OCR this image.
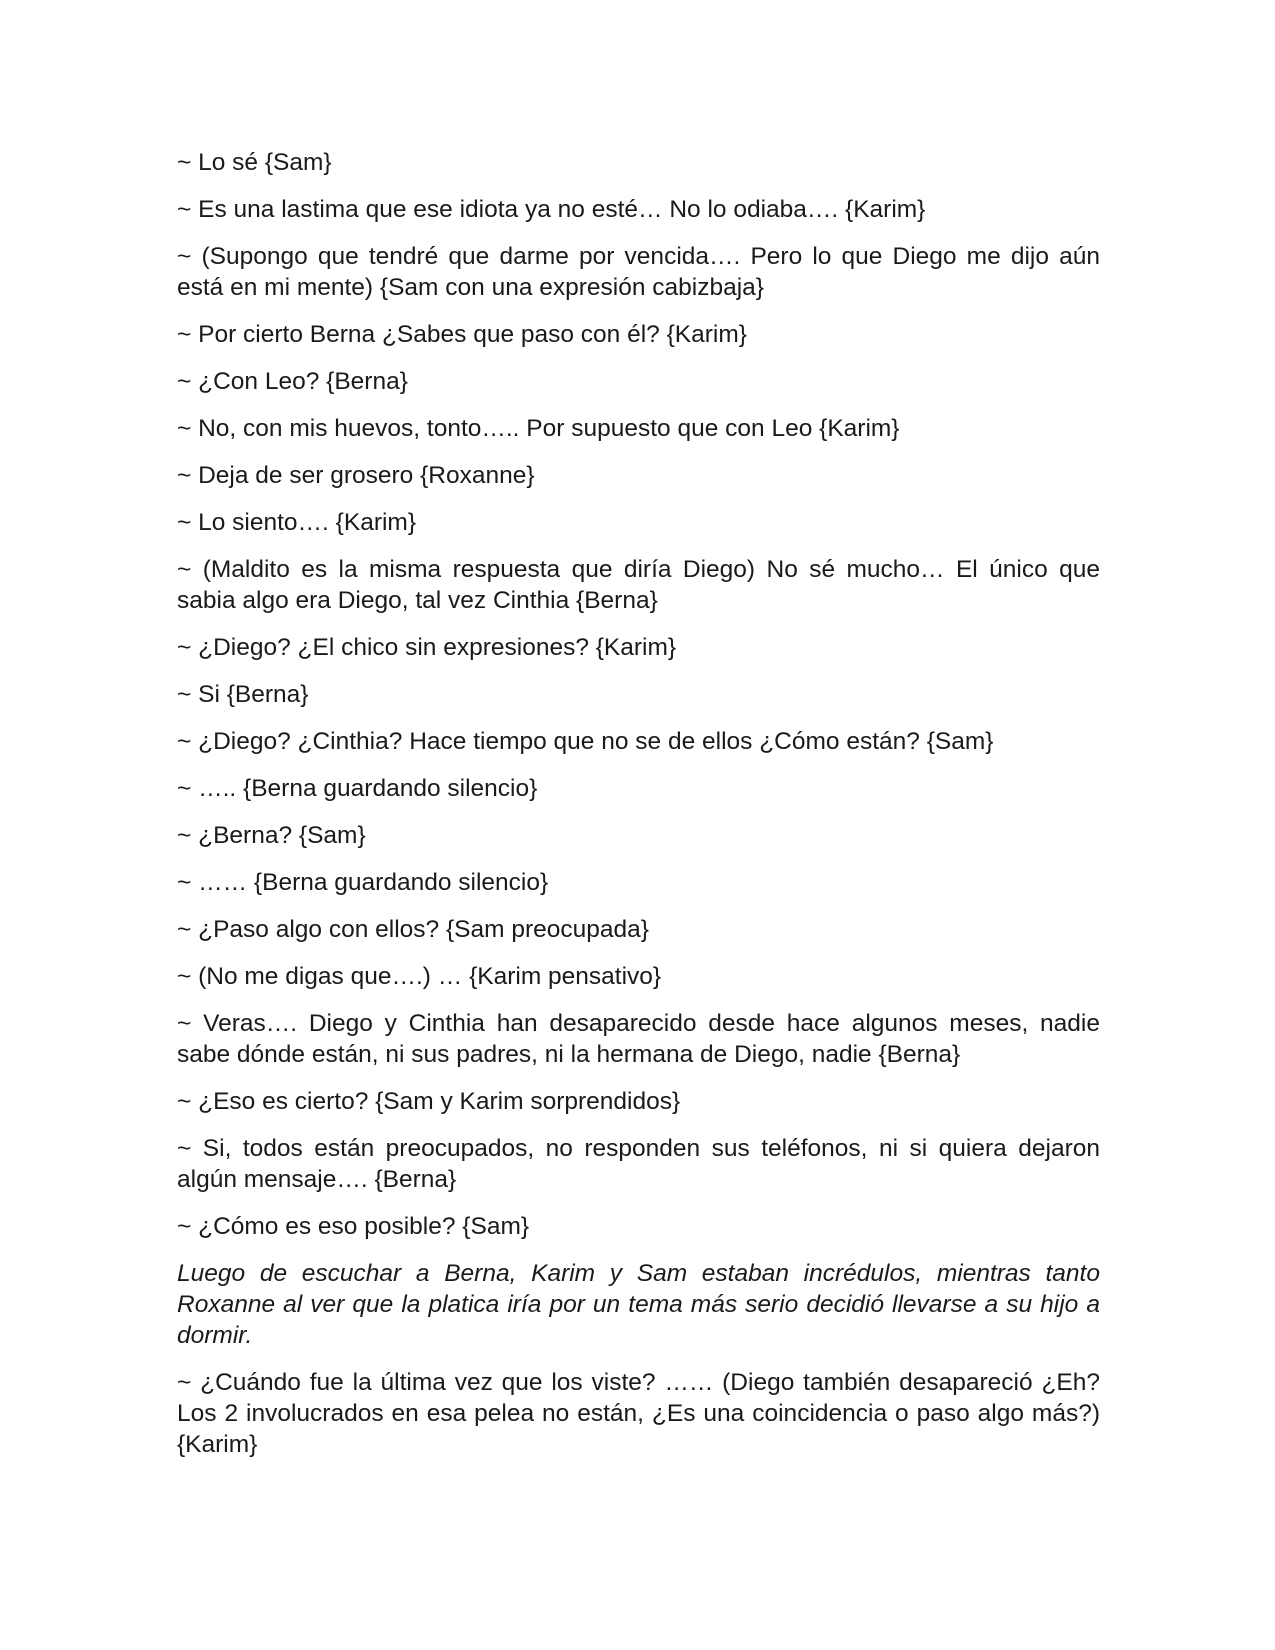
~ Lo sé {Sam}

~ Es una lastima que ese idiota ya no esté… No lo odiaba…. {Karim}

~ (Supongo que tendré que darme por vencida…. Pero lo que Diego me dijo aún está en mi mente) {Sam con una expresión cabizbaja}

~ Por cierto Berna ¿Sabes que paso con él? {Karim}

~ ¿Con Leo? {Berna}

~ No, con mis huevos, tonto….. Por supuesto que con Leo {Karim}

~ Deja de ser grosero {Roxanne}

~ Lo siento…. {Karim}

~ (Maldito es la misma respuesta que diría Diego) No sé mucho… El único que sabia algo era Diego, tal vez Cinthia {Berna}

~ ¿Diego? ¿El chico sin expresiones? {Karim}

~ Si {Berna}

~ ¿Diego? ¿Cinthia? Hace tiempo que no se de ellos ¿Cómo están? {Sam}

~ ….. {Berna guardando silencio}

~ ¿Berna? {Sam}

~ …… {Berna guardando silencio}

~ ¿Paso algo con ellos? {Sam preocupada}

~ (No me digas que….) … {Karim pensativo}

~ Veras…. Diego y Cinthia han desaparecido desde hace algunos meses, nadie sabe dónde están, ni sus padres, ni la hermana de Diego, nadie {Berna}

~ ¿Eso es cierto? {Sam y Karim sorprendidos}

~ Si, todos están preocupados, no responden sus teléfonos, ni si quiera dejaron algún mensaje…. {Berna}

~ ¿Cómo es eso posible? {Sam}

Luego de escuchar a Berna, Karim y Sam estaban incrédulos, mientras tanto Roxanne al ver que la platica iría por un tema más serio decidió llevarse a su hijo a dormir.

~ ¿Cuándo fue la última vez que los viste? …… (Diego también desapareció ¿Eh? Los 2 involucrados en esa pelea no están, ¿Es una coincidencia o paso algo más?) {Karim}
